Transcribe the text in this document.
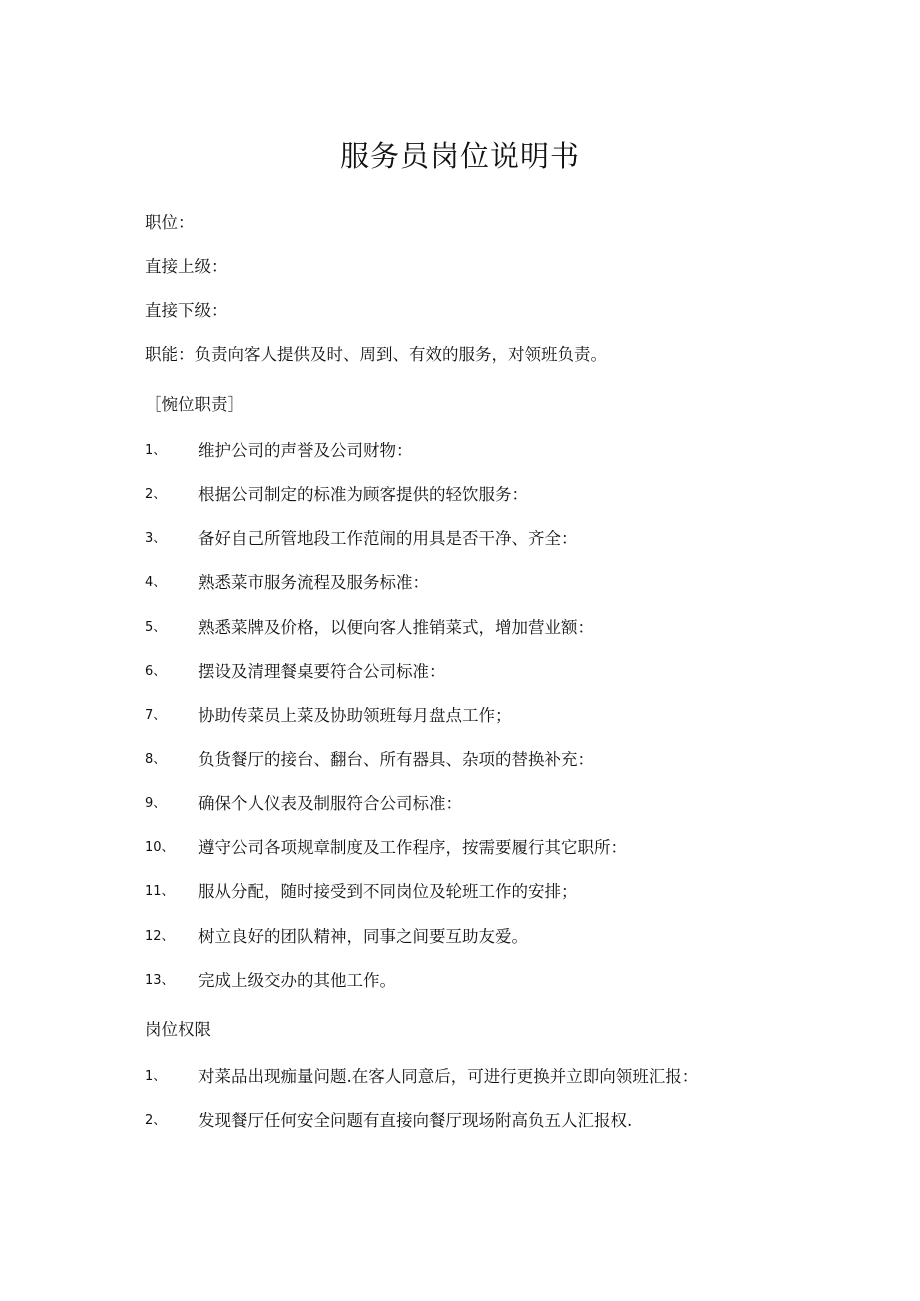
服务员岗位说明书
职位：
直接上级：
直接下级：
职能：负责向客人提供及时、周到、有效的服务，对领班负责。
［惋位职责］
1、 维护公司的声誉及公司财物：
2、 根据公司制定的标准为顾客提供的轻饮服务：
3、 备好自己所管地段工作范闹的用具是否干净、齐全：
4、 熟悉菜市服务流程及服务标准：
5、 熟悉菜牌及价格，以便向客人推销菜式，增加营业额：
6、 摆设及清理餐桌要符合公司标准：
7、 协助传菜员上菜及协助领班每月盘点工作；
8、 负货餐厅的接台、翻台、所有器具、杂项的替换补充：
9、 确保个人仪表及制服符合公司标准：
10、 遵守公司各项规章制度及工作程序，按需要履行其它职所：
11、 服从分配，随时接受到不同岗位及轮班工作的安排；
12、 树立良好的团队精神，同事之间要互助友爱。
13、 完成上级交办的其他工作。
岗位权限
1、 对菜品出现痂量问题.在客人同意后，可进行更换并立即向领班汇报：
2、 发现餐厅任何安全问题有直接向餐厅现场附高负五人汇报权.
